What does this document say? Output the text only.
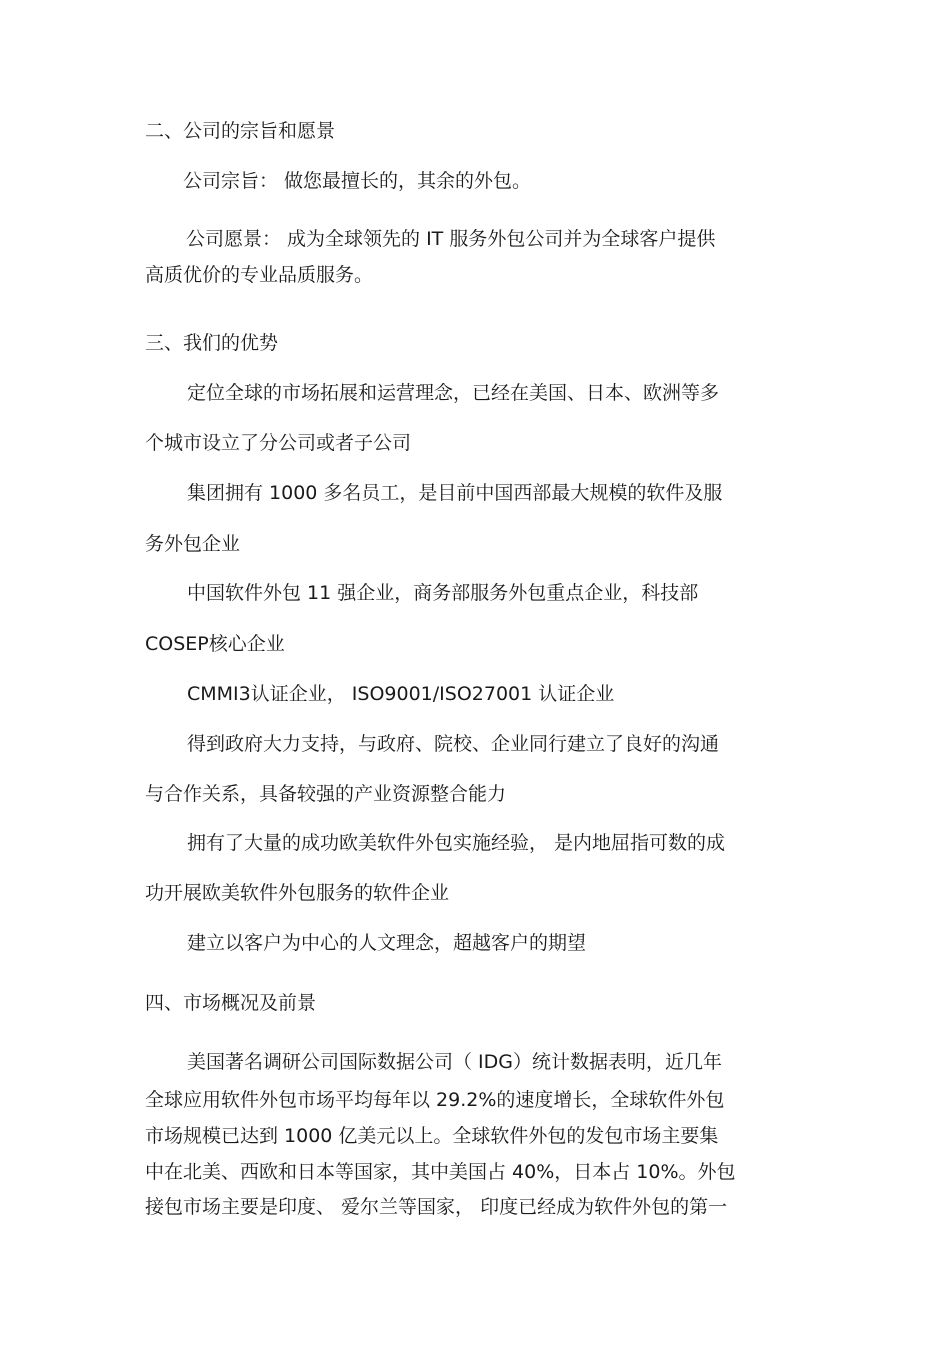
二、公司的宗旨和愿景
公司宗旨： 做您最擅长的，其余的外包。
公司愿景： 成为全球领先的 IT 服务外包公司并为全球客户提供
高质优价的专业品质服务。
三、我们的优势
定位全球的市场拓展和运营理念，已经在美国、日本、欧洲等多
个城市设立了分公司或者子公司
集团拥有 1000 多名员工，是目前中国西部最大规模的软件及服
务外包企业
中国软件外包 11 强企业，商务部服务外包重点企业，科技部
COSEP核心企业
CMMI3认证企业， ISO9001/ISO27001 认证企业
得到政府大力支持，与政府、院校、企业同行建立了良好的沟通
与合作关系，具备较强的产业资源整合能力
拥有了大量的成功欧美软件外包实施经验， 是内地屈指可数的成
功开展欧美软件外包服务的软件企业
建立以客户为中心的人文理念，超越客户的期望
四、市场概况及前景
美国著名调研公司国际数据公司（ IDG）统计数据表明，近几年
全球应用软件外包市场平均每年以 29.2%的速度增长，全球软件外包
市场规模已达到 1000 亿美元以上。全球软件外包的发包市场主要集
中在北美、西欧和日本等国家，其中美国占 40%，日本占 10%。外包
接包市场主要是印度、 爱尔兰等国家， 印度已经成为软件外包的第一
